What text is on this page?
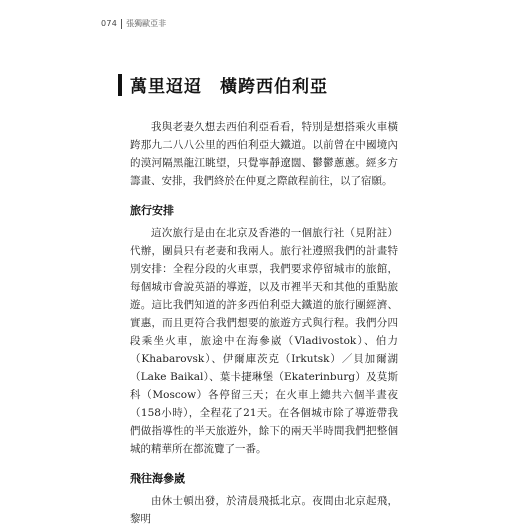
074 張獨歐亞非
萬里迢迢　橫跨西伯利亞

我與老妻久想去西伯利亞看看，特別是想搭乘火車橫跨那九二八八公里的西伯利亞大鐵道。以前曾在中國境內的漠河隔黑龍江眺望，只覺寧靜遼闊、鬱鬱蔥蔥。經多方籌畫、安排，我們終於在仲夏之際啟程前往，以了宿願。

旅行安排

這次旅行是由在北京及香港的一個旅行社（見附註）代辦，團員只有老妻和我兩人。旅行社遵照我們的計畫特別安排：全程分段的火車票，我們要求停留城市的旅館，每個城市會說英語的導遊，以及市裡半天和其他的重點旅遊。這比我們知道的許多西伯利亞大鐵道的旅行團經濟、實惠，而且更符合我們想要的旅遊方式與行程。我們分四段乘坐火車，旅途中在海參崴（Vladivostok）、伯力（Khabarovsk）、伊爾庫茨克（Irkutsk）／貝加爾湖（Lake Baikal）、葉卡捷琳堡（Ekaterinburg）及莫斯科（Moscow）各停留三天；在火車上總共六個半晝夜（158小時），全程花了21天。在各個城市除了導遊帶我們做指導性的半天旅遊外，餘下的兩天半時間我們把整個城的精華所在都流覽了一番。

飛往海參崴

由休士頓出發，於清晨飛抵北京。夜間由北京起飛，黎明
